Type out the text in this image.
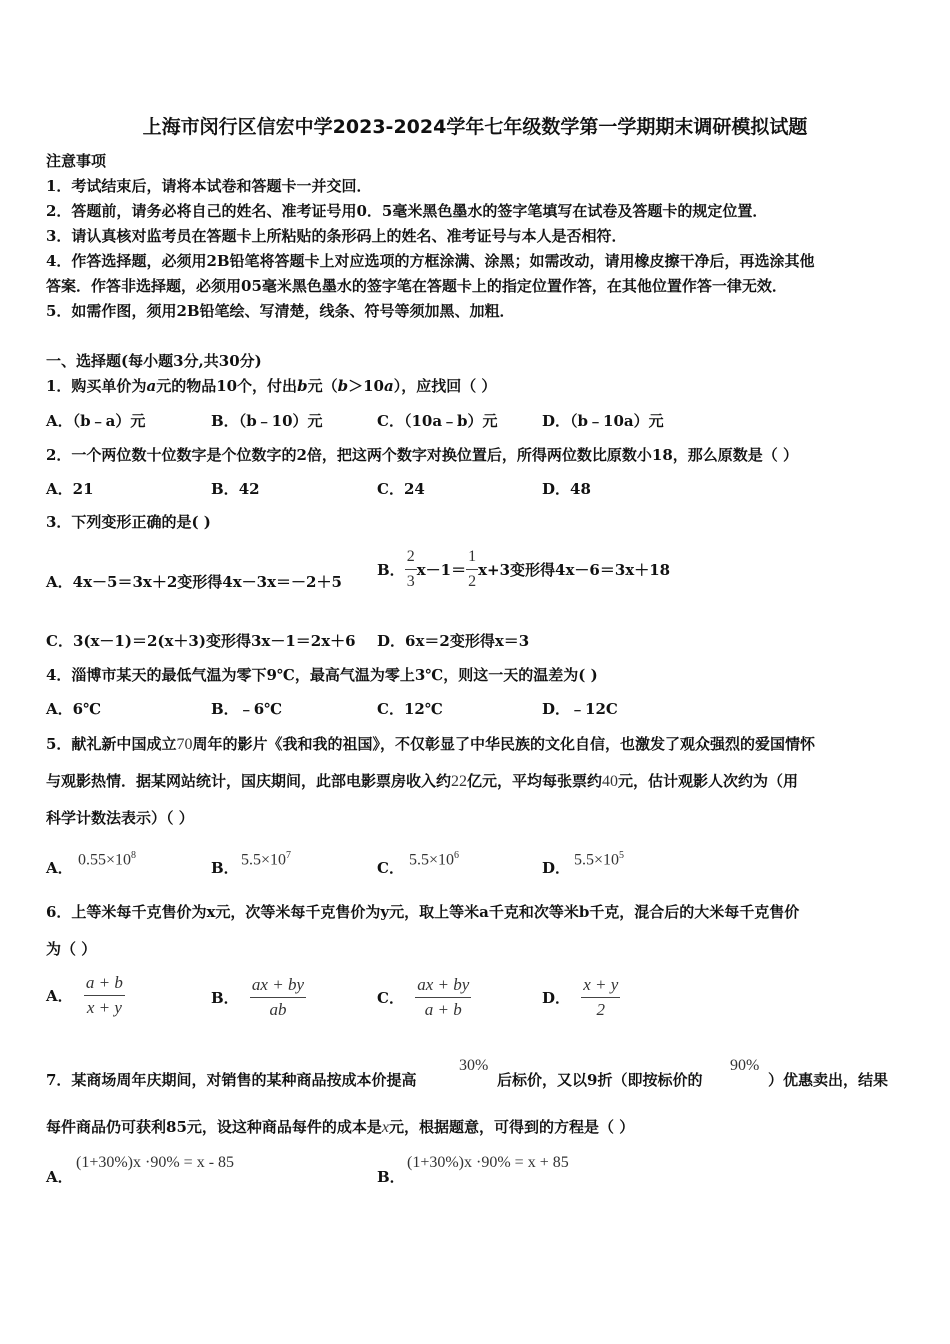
上海市闵行区信宏中学2023-2024学年七年级数学第一学期期末调研模拟试题
注意事项
1．考试结束后，请将本试卷和答题卡一并交回．
2．答题前，请务必将自己的姓名、准考证号用0．5毫米黑色墨水的签字笔填写在试卷及答题卡的规定位置．
3．请认真核对监考员在答题卡上所粘贴的条形码上的姓名、准考证号与本人是否相符．
4．作答选择题，必须用2B铅笔将答题卡上对应选项的方框涂满、涂黑；如需改动，请用橡皮擦干净后，再选涂其他
答案．作答非选择题，必须用05毫米黑色墨水的签字笔在答题卡上的指定位置作答，在其他位置作答一律无效．
5．如需作图，须用2B铅笔绘、写清楚，线条、符号等须加黑、加粗．
一、选择题(每小题3分,共30分)
1．购买单价为a元的物品10个，付出b元（b＞10a），应找回（ ）
A．（b﹣a）元	B．（b﹣10）元	C．（10a﹣b）元	D．（b﹣10a）元
2．一个两位数十位数字是个位数字的2倍，把这两个数字对换位置后，所得两位数比原数小18，那么原数是（ ）
A．21	B．42	C．24	D．48
3．下列变形正确的是( )
A．4x－5＝3x＋2变形得4x－3x＝－2＋5
B． $\frac{2}{3} x-1= \frac{1}{2} x+3$变形得4x－6＝3x＋18
C．3(x－1)＝2(x＋3)变形得3x－1＝2x＋6 D．6x＝2变形得x＝3
4．淄博市某天的最低气温为零下9℃，最高气温为零上3℃，则这一天的温差为( )
A．6℃	B．﹣6℃	C．12℃	D．﹣12C
5．献礼新中国成立70周年的影片《我和我的祖国》，不仅彰显了中华民族的文化自信，也激发了观众强烈的爱国情怀
与观影热情．据某网站统计，国庆期间，此部电影票房收入约22亿元，平均每张票约40元，估计观影人次约为（用
科学计数法表示）（ ）
A． $0.55\times 10^8$
B． $5.5\times 10^7$
C． $5.5\times 10^6$
D． $5.5\times 10^5$
6．上等米每千克售价为x元，次等米每千克售价为y元，取上等米a千克和次等米b千克，混合后的大米每千克售价
为（ ）
A． $\frac{a + b}{x + y}$	B． $\frac{ax + by}{ab}$	C． $\frac{ax + by}{a + b}$	D． $\frac{x + y}{2}$
7．某商场周年庆期间，对销售的某种商品按成本价提高
30%
后标价，又以9折（即按标价的
90%
）优惠卖出，结果
每件商品仍可获利85元，设这种商品每件的成本是x元，根据题意，可得到的方程是（ ）
A．
(1+30%)x ·90% = x - 85
B．
(1+30%)x ·90% = x + 85
